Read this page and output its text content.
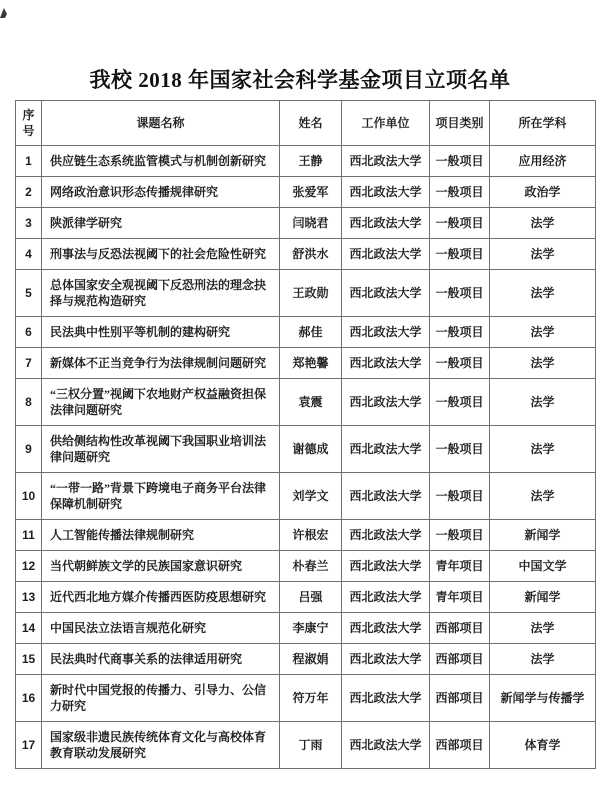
我校 2018 年国家社会科学基金项目立项名单
序号	课题名称	姓名	工作单位	项目类别	所在学科
1	供应链生态系统监管模式与机制创新研究	王静	西北政法大学	一般项目	应用经济
2	网络政治意识形态传播规律研究	张爱军	西北政法大学	一般项目	政治学
3	陕派律学研究	闫晓君	西北政法大学	一般项目	法学
4	刑事法与反恐法视阈下的社会危险性研究	舒洪水	西北政法大学	一般项目	法学
5	总体国家安全观视阈下反恐刑法的理念抉择与规范构造研究	王政勋	西北政法大学	一般项目	法学
6	民法典中性别平等机制的建构研究	郝佳	西北政法大学	一般项目	法学
7	新媒体不正当竞争行为法律规制问题研究	郑艳馨	西北政法大学	一般项目	法学
8	“三权分置”视阈下农地财产权益融资担保法律问题研究	袁震	西北政法大学	一般项目	法学
9	供给侧结构性改革视阈下我国职业培训法律问题研究	谢德成	西北政法大学	一般项目	法学
10	“一带一路”背景下跨境电子商务平台法律保障机制研究	刘学文	西北政法大学	一般项目	法学
11	人工智能传播法律规制研究	许根宏	西北政法大学	一般项目	新闻学
12	当代朝鲜族文学的民族国家意识研究	朴春兰	西北政法大学	青年项目	中国文学
13	近代西北地方媒介传播西医防疫思想研究	吕强	西北政法大学	青年项目	新闻学
14	中国民法立法语言规范化研究	李康宁	西北政法大学	西部项目	法学
15	民法典时代商事关系的法律适用研究	程淑娟	西北政法大学	西部项目	法学
16	新时代中国党报的传播力、引导力、公信力研究	符万年	西北政法大学	西部项目	新闻学与传播学
17	国家级非遗民族传统体育文化与高校体育教育联动发展研究	丁雨	西北政法大学	西部项目	体育学
